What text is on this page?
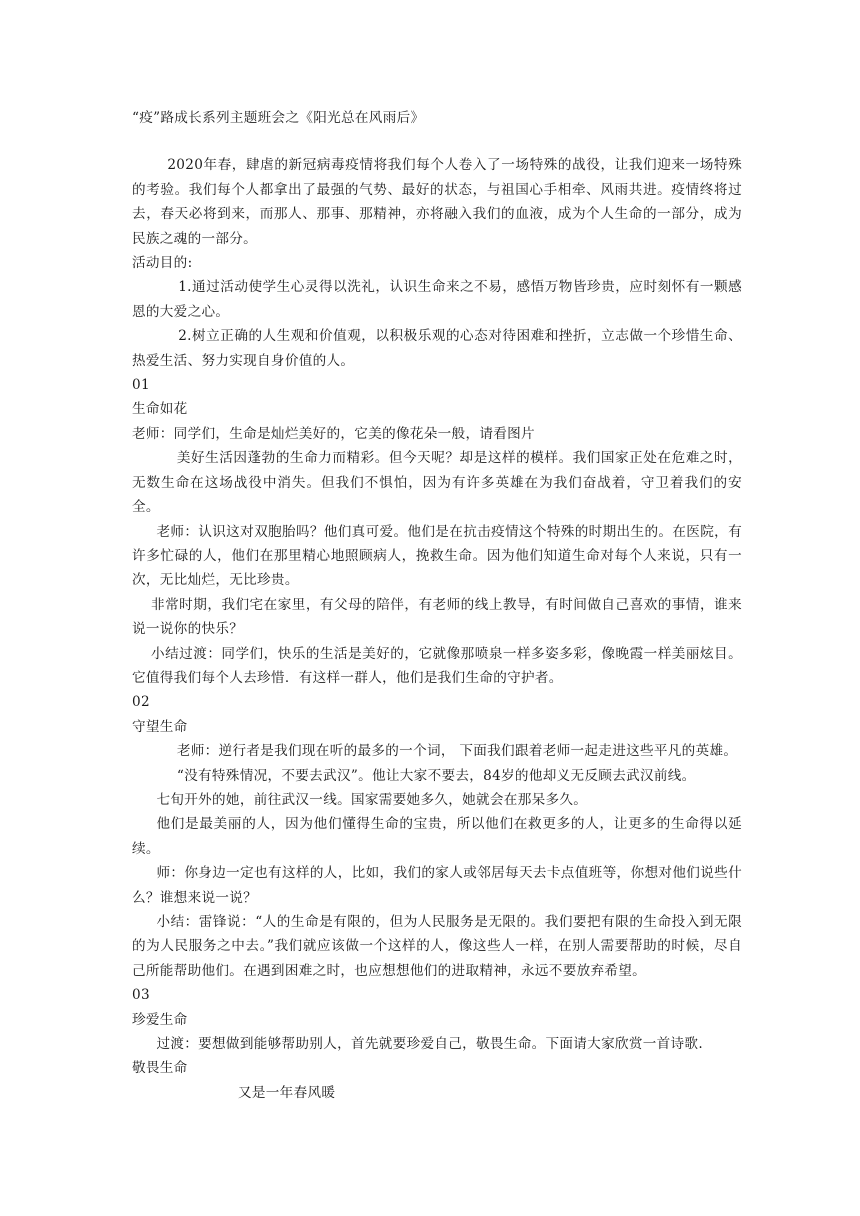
“疫”路成长系列主题班会之《阳光总在风雨后》

2020年春，肆虐的新冠病毒疫情将我们每个人卷入了一场特殊的战役，让我们迎来一场特殊的考验。我们每个人都拿出了最强的气势、最好的状态，与祖国心手相牵、风雨共进。疫情终将过去，春天必将到来，而那人、那事、那精神，亦将融入我们的血液，成为个人生命的一部分，成为民族之魂的一部分。

活动目的:

1.通过活动使学生心灵得以洗礼，认识生命来之不易，感悟万物皆珍贵，应时刻怀有一颗感恩的大爱之心。

2.树立正确的人生观和价值观，以积极乐观的心态对待困难和挫折，立志做一个珍惜生命、热爱生活、努力实现自身价值的人。

01

生命如花

老师：同学们，生命是灿烂美好的，它美的像花朵一般，请看图片

美好生活因蓬勃的生命力而精彩。但今天呢？却是这样的模样。我们国家正处在危难之时，无数生命在这场战役中消失。但我们不惧怕，因为有许多英雄在为我们奋战着，守卫着我们的安全。

老师：认识这对双胞胎吗？他们真可爱。他们是在抗击疫情这个特殊的时期出生的。在医院，有许多忙碌的人，他们在那里精心地照顾病人，挽救生命。因为他们知道生命对每个人来说，只有一次，无比灿烂，无比珍贵。

非常时期，我们宅在家里，有父母的陪伴，有老师的线上教导，有时间做自己喜欢的事情，谁来说一说你的快乐？

小结过渡：同学们，快乐的生活是美好的，它就像那喷泉一样多姿多彩，像晚霞一样美丽炫目。它值得我们每个人去珍惜．有这样一群人，他们是我们生命的守护者。

02

守望生命

老师：逆行者是我们现在听的最多的一个词， 下面我们跟着老师一起走进这些平凡的英雄。

“没有特殊情况，不要去武汉”。他让大家不要去，84岁的他却义无反顾去武汉前线。

七旬开外的她，前往武汉一线。国家需要她多久，她就会在那呆多久。

他们是最美丽的人，因为他们懂得生命的宝贵，所以他们在救更多的人，让更多的生命得以延续。

师：你身边一定也有这样的人，比如，我们的家人或邻居每天去卡点值班等，你想对他们说些什么？谁想来说一说？

小结：雷锋说：“人的生命是有限的，但为人民服务是无限的。我们要把有限的生命投入到无限的为人民服务之中去。”我们就应该做一个这样的人，像这些人一样，在别人需要帮助的时候，尽自己所能帮助他们。在遇到困难之时，也应想想他们的进取精神，永远不要放弃希望。

03

珍爱生命

过渡：要想做到能够帮助别人，首先就要珍爱自己，敬畏生命。下面请大家欣赏一首诗歌.

敬畏生命

又是一年春风暖
